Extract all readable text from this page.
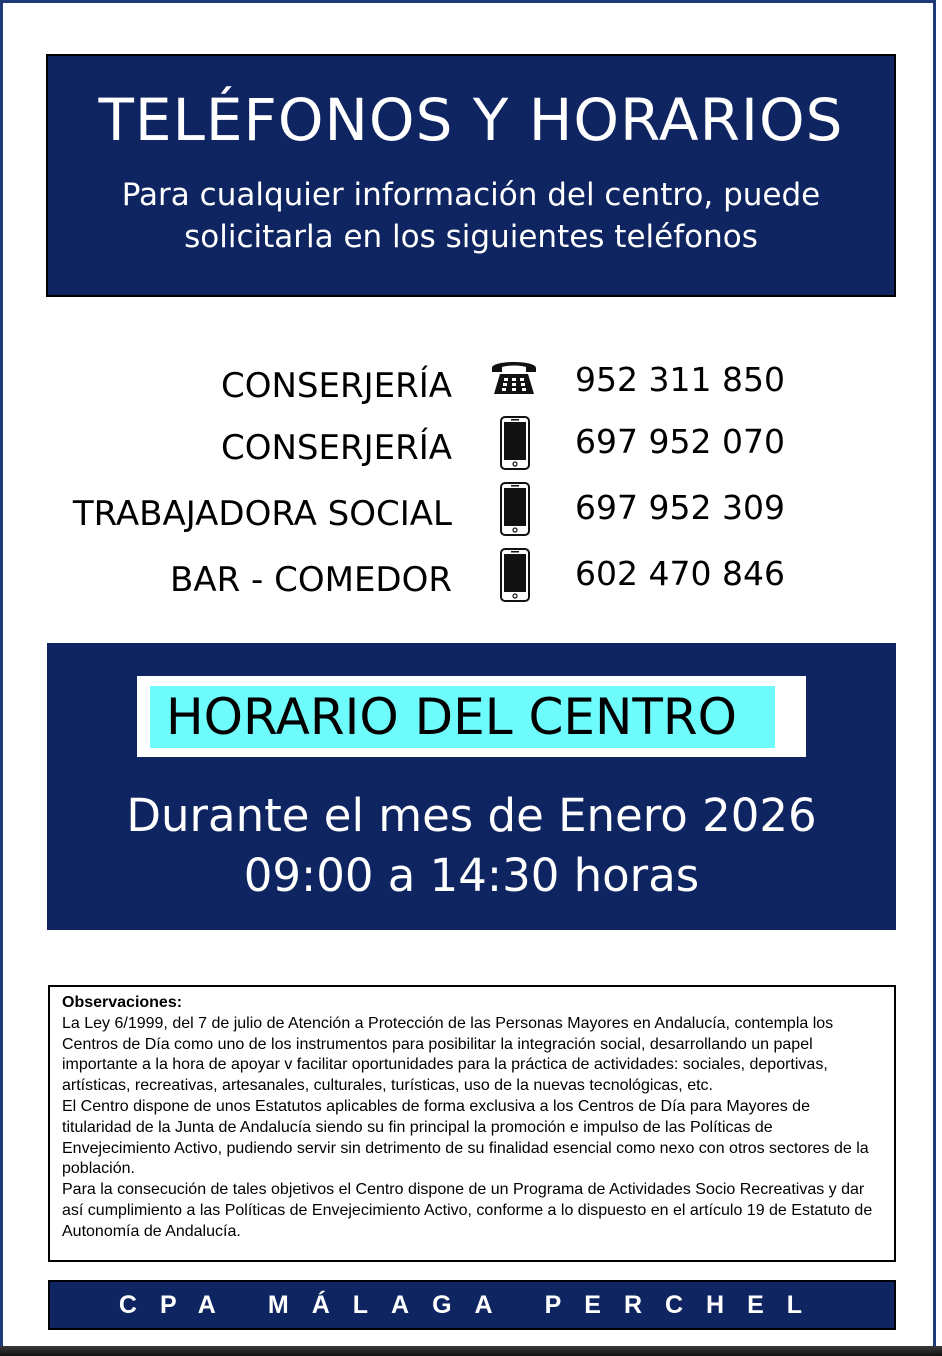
TELÉFONOS Y HORARIOS
Para cualquier información del centro, puede solicitarla en los siguientes teléfonos
CONSERJERÍA	952 311 850
CONSERJERÍA	697 952 070
TRABAJADORA SOCIAL	697 952 309
BAR - COMEDOR	602 470 846
HORARIO DEL CENTRO
Durante el mes de Enero 2026
09:00 a 14:30 horas
Observaciones:
La Ley 6/1999, del 7 de julio de Atención a Protección de las Personas Mayores en Andalucía, contempla los Centros de Día como uno de los instrumentos para posibilitar la integración social, desarrollando un papel importante a la hora de apoyar v facilitar oportunidades para la práctica de actividades: sociales, deportivas, artísticas, recreativas, artesanales, culturales, turísticas, uso de la nuevas tecnológicas, etc.
El Centro dispone de unos Estatutos aplicables de forma exclusiva a los Centros de Día para Mayores de titularidad de la Junta de Andalucía siendo su fin principal la promoción e impulso de las Políticas de Envejecimiento Activo, pudiendo servir sin detrimento de su finalidad esencial como nexo con otros sectores de la población.
Para la consecución de tales objetivos el Centro dispone de un Programa de Actividades Socio Recreativas y dar así cumplimiento a las Políticas de Envejecimiento Activo, conforme a lo dispuesto en el artículo 19 de Estatuto de Autonomía de Andalucía.
CPA MÁLAGA PERCHEL
